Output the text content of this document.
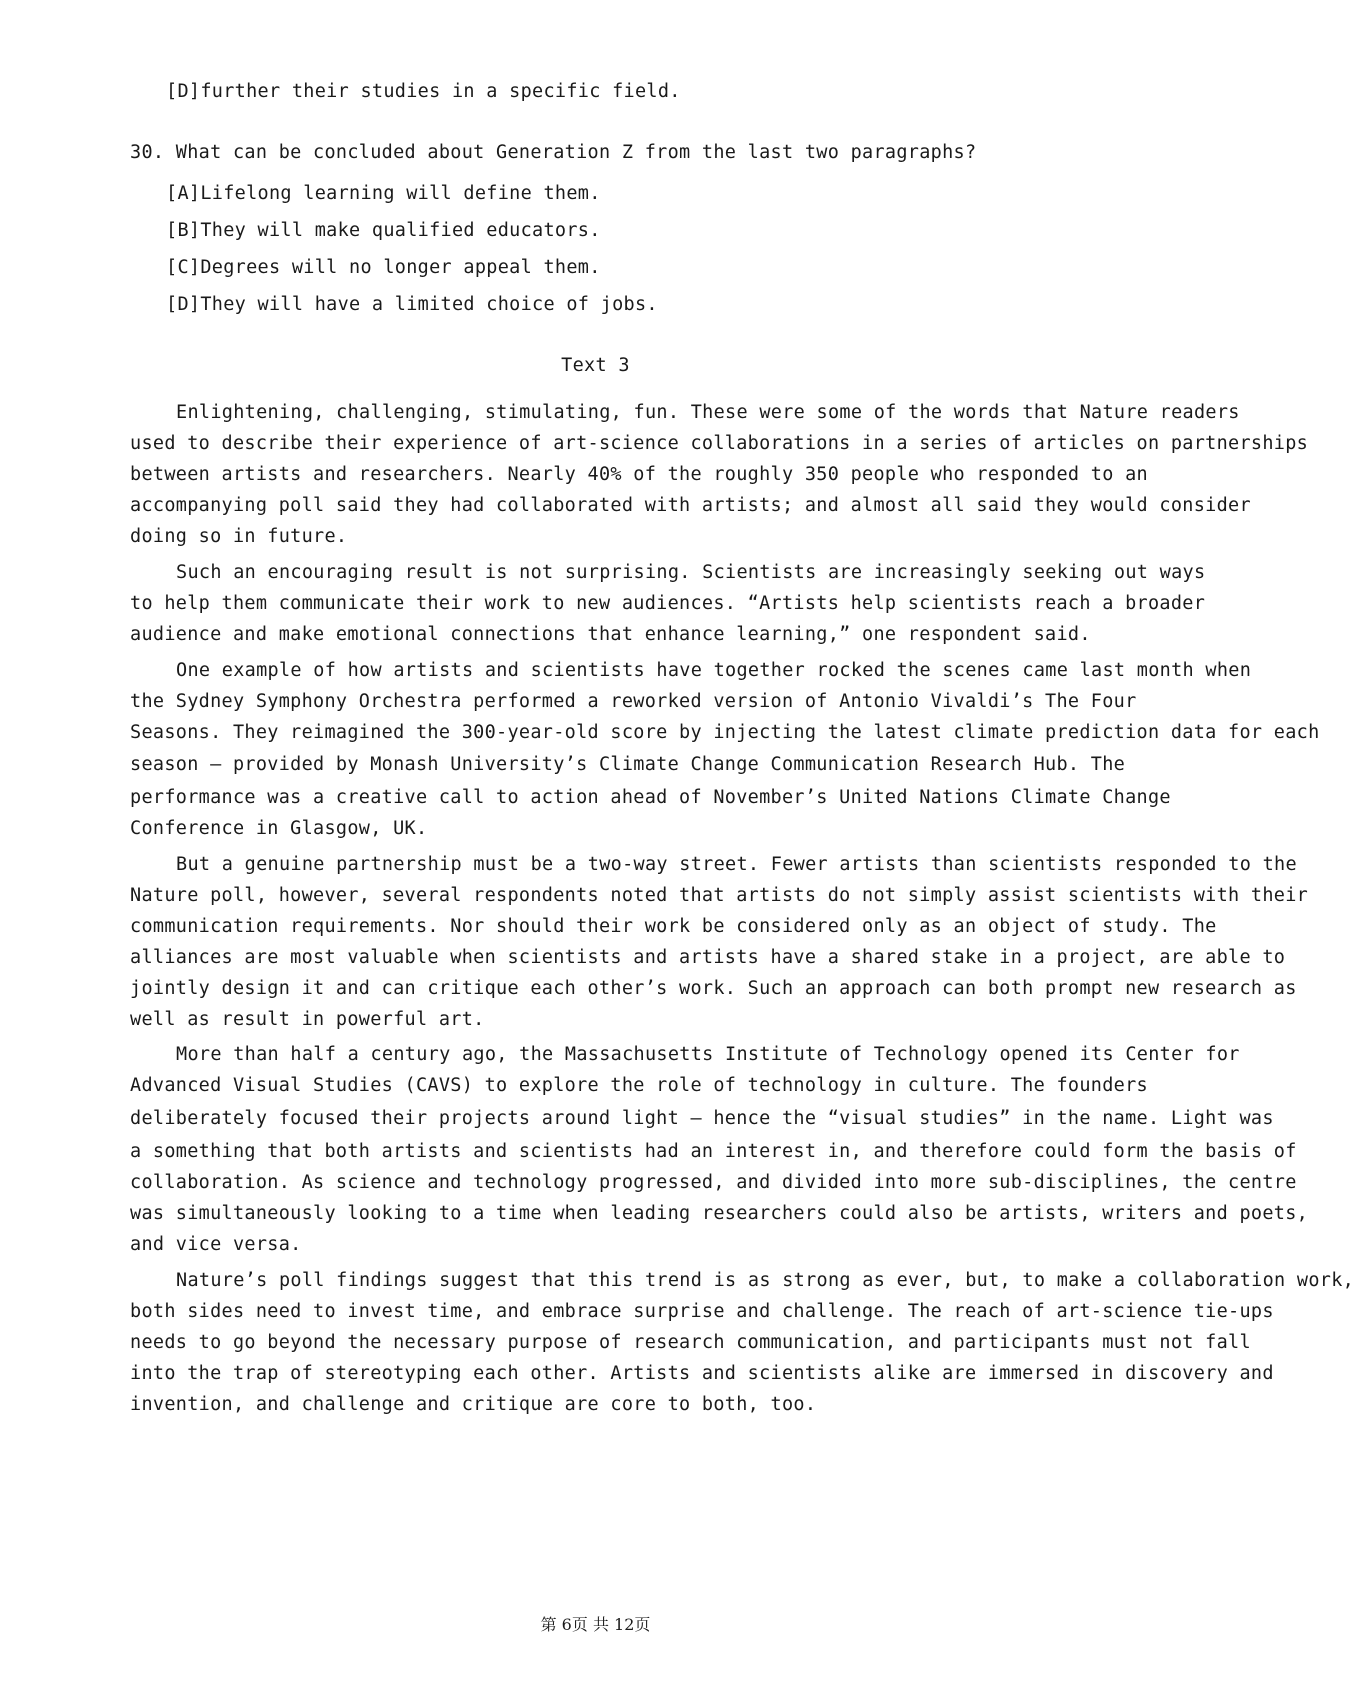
[D]further their studies in a specific field.
30. What can be concluded about Generation Z from the last two paragraphs?
[A]Lifelong learning will define them.
[B]They will make qualified educators.
[C]Degrees will no longer appeal them.
[D]They will have a limited choice of jobs.
Text 3
Enlightening, challenging, stimulating, fun. These were some of the words that Nature readers
used to describe their experience of art-science collaborations in a series of articles on partnerships
between artists and researchers. Nearly 40% of the roughly 350 people who responded to an
accompanying poll said they had collaborated with artists; and almost all said they would consider
doing so in future.
Such an encouraging result is not surprising. Scientists are increasingly seeking out ways
to help them communicate their work to new audiences. “Artists help scientists reach a broader
audience and make emotional connections that enhance learning,” one respondent said.
One example of how artists and scientists have together rocked the scenes came last month when
the Sydney Symphony Orchestra performed a reworked version of Antonio Vivaldi’s The Four
Seasons. They reimagined the 300-year-old score by injecting the latest climate prediction data for each
season — provided by Monash University’s Climate Change Communication Research Hub. The
performance was a creative call to action ahead of November’s United Nations Climate Change
Conference in Glasgow, UK.
But a genuine partnership must be a two-way street. Fewer artists than scientists responded to the
Nature poll, however, several respondents noted that artists do not simply assist scientists with their
communication requirements. Nor should their work be considered only as an object of study. The
alliances are most valuable when scientists and artists have a shared stake in a project, are able to
jointly design it and can critique each other’s work. Such an approach can both prompt new research as
well as result in powerful art.
More than half a century ago, the Massachusetts Institute of Technology opened its Center for
Advanced Visual Studies (CAVS) to explore the role of technology in culture. The founders
deliberately focused their projects around light — hence the “visual studies” in the name. Light was
a something that both artists and scientists had an interest in, and therefore could form the basis of
collaboration. As science and technology progressed, and divided into more sub-disciplines, the centre
was simultaneously looking to a time when leading researchers could also be artists, writers and poets,
and vice versa.
Nature’s poll findings suggest that this trend is as strong as ever, but, to make a collaboration work,
both sides need to invest time, and embrace surprise and challenge. The reach of art-science tie-ups
needs to go beyond the necessary purpose of research communication, and participants must not fall
into the trap of stereotyping each other. Artists and scientists alike are immersed in discovery and
invention, and challenge and critique are core to both, too.
第 6页 共 12页
